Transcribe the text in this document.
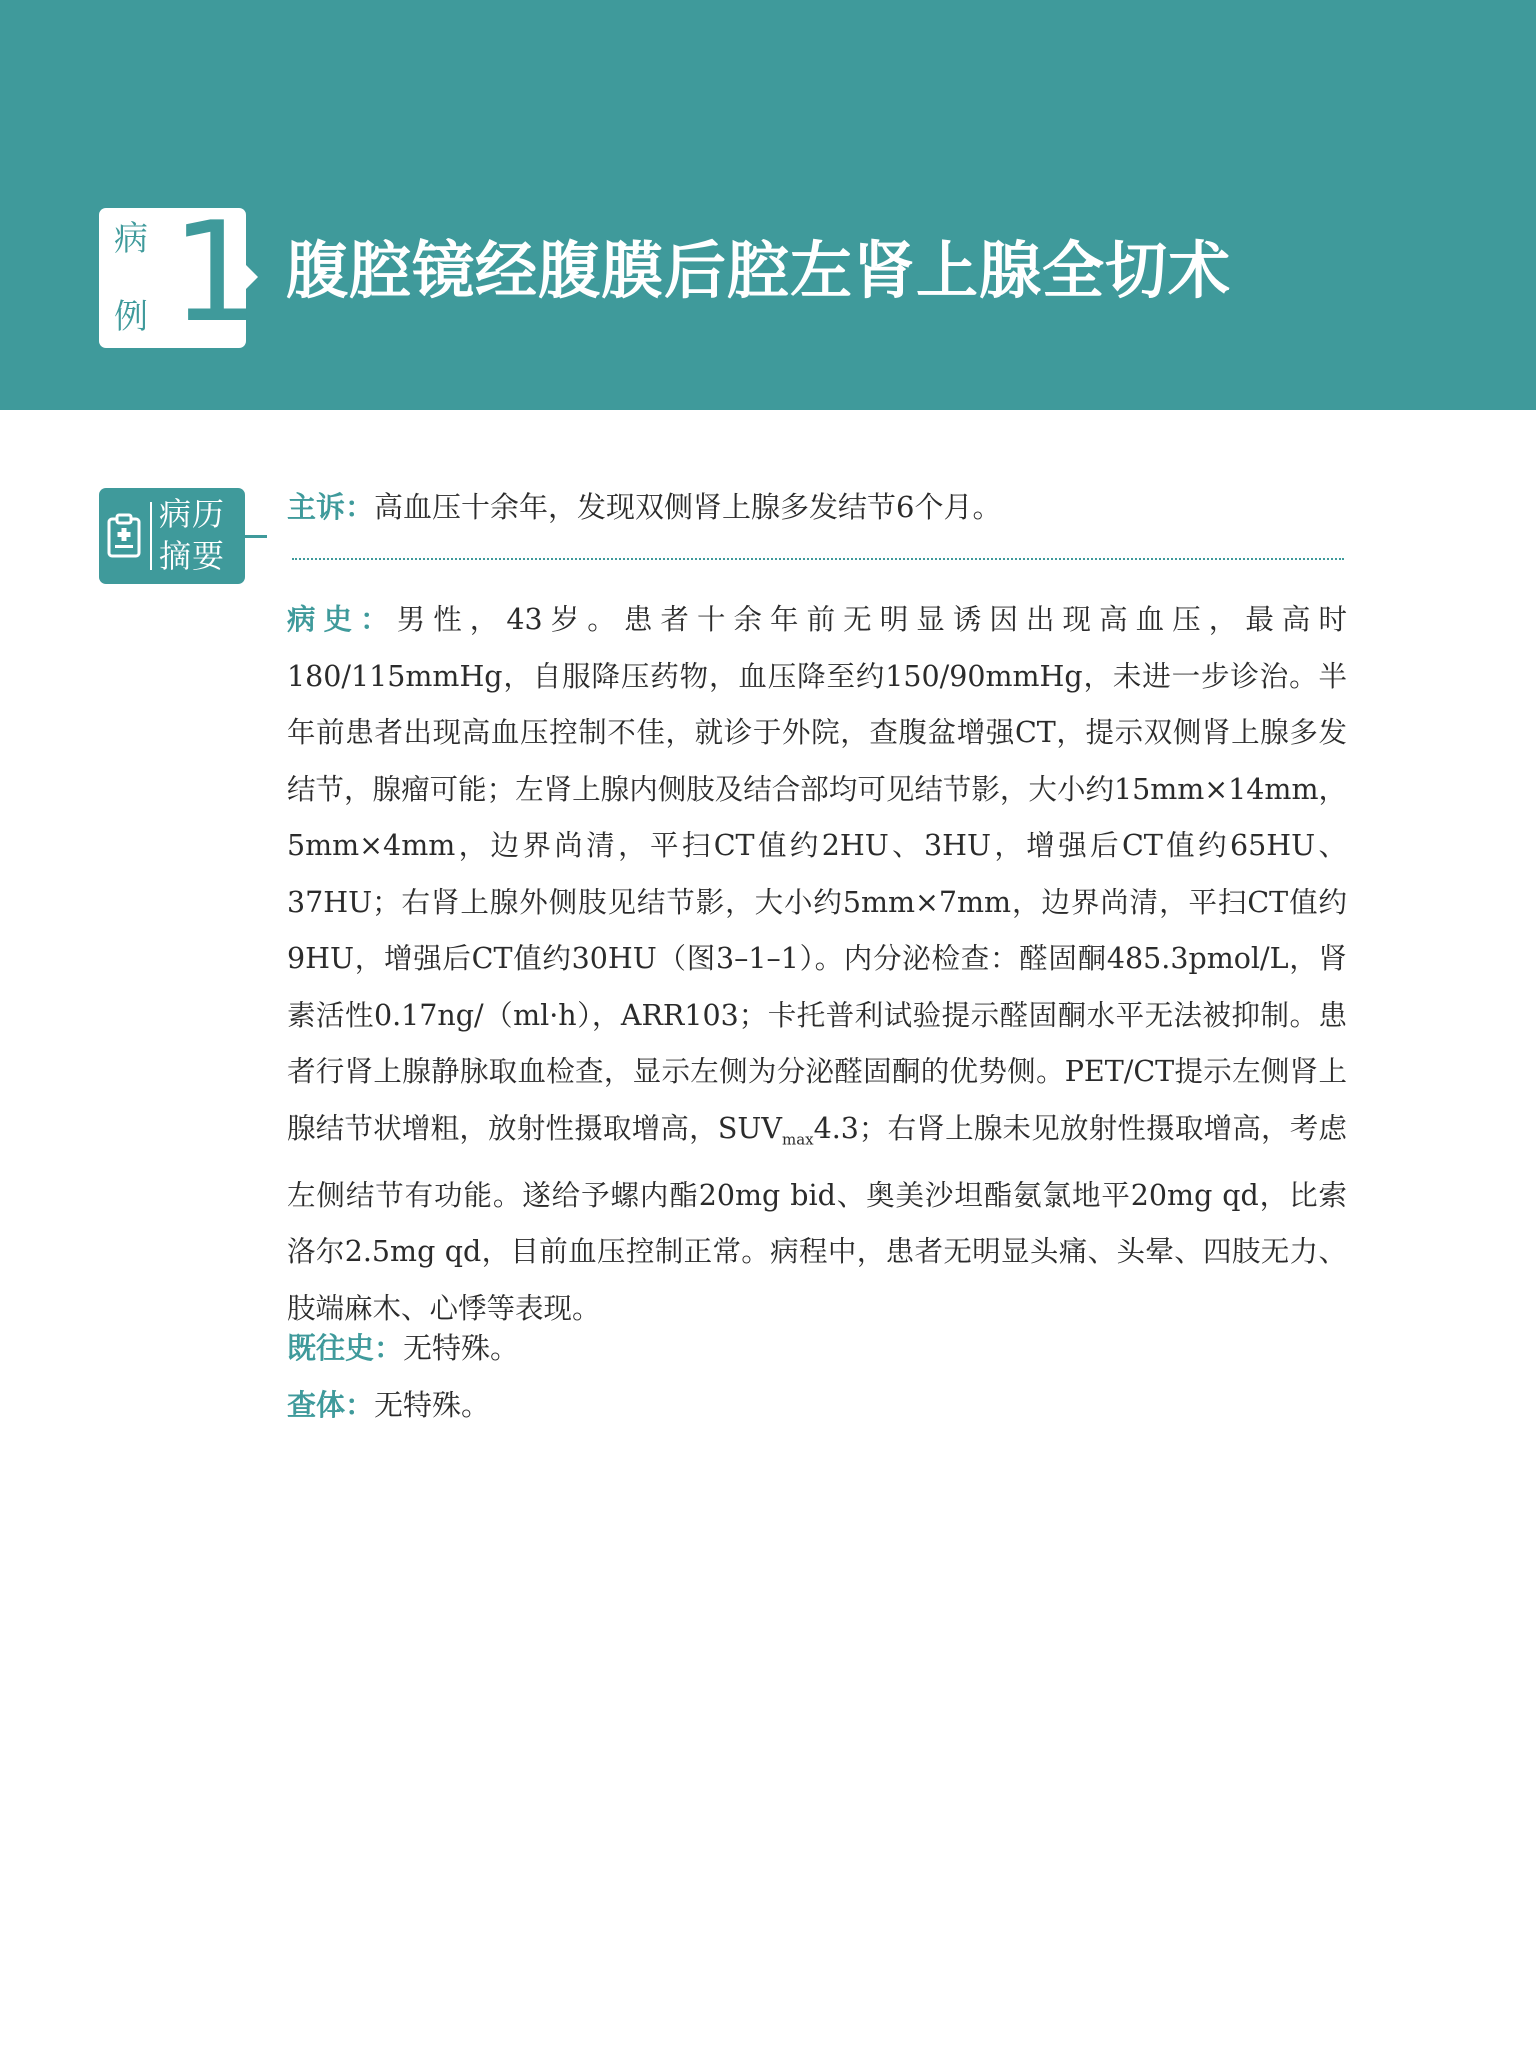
病
例 1 腹腔镜经腹膜后腔左肾上腺全切术
病历
摘要
主诉：高血压十余年，发现双侧肾上腺多发结节6个月。

病史：男性，43岁。患者十余年前无明显诱因出现高血压，最高时180/115mmHg，自服降压药物，血压降至约150/90mmHg，未进一步诊治。半年前患者出现高血压控制不佳，就诊于外院，查腹盆增强CT，提示双侧肾上腺多发结节，腺瘤可能；左肾上腺内侧肢及结合部均可见结节影，大小约15mm×14mm，5mm×4mm，边界尚清，平扫CT值约2HU、3HU，增强后CT值约65HU、37HU；右肾上腺外侧肢见结节影，大小约5mm×7mm，边界尚清，平扫CT值约9HU，增强后CT值约30HU（图3–1–1）。内分泌检查：醛固酮485.3pmol/L，肾素活性0.17ng/（ml·h），ARR103；卡托普利试验提示醛固酮水平无法被抑制。患者行肾上腺静脉取血检查，显示左侧为分泌醛固酮的优势侧。PET/CT提示左侧肾上腺结节状增粗，放射性摄取增高，$SUV_{max}4.3$；右肾上腺未见放射性摄取增高，考虑左侧结节有功能。遂给予螺内酯20mg bid、奥美沙坦酯氨氯地平20mg qd，比索洛尔2.5mg qd，目前血压控制正常。病程中，患者无明显头痛、头晕、四肢无力、肢端麻木、心悸等表现。

既往史：无特殊。
查体：无特殊。
